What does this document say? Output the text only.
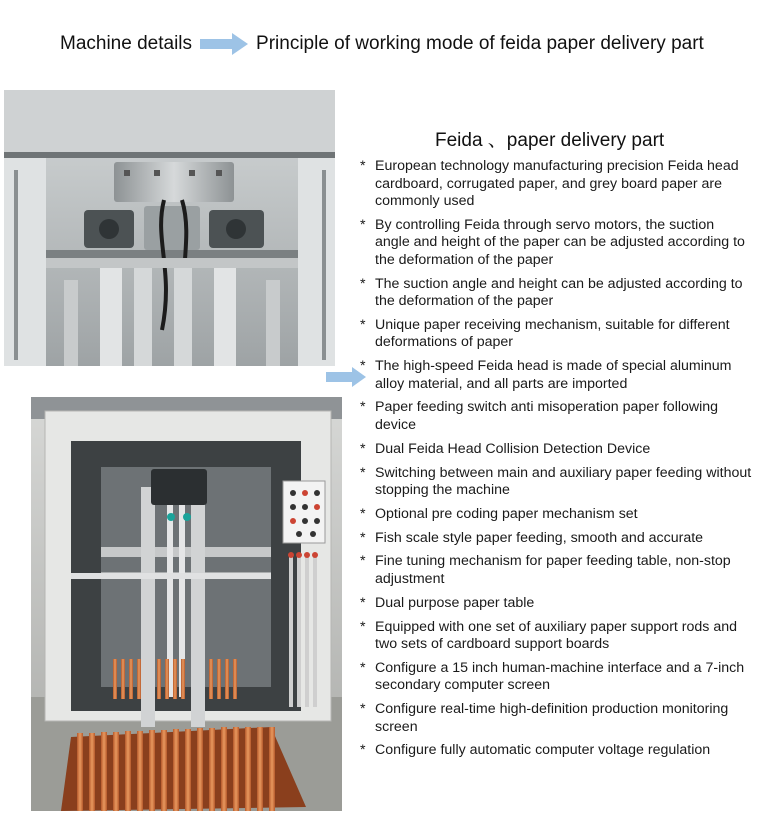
Machine details	Principle of working mode of feida paper delivery part
Feida 、paper delivery part
* European technology manufacturing precision Feida head cardboard, corrugated paper, and grey board paper are commonly used
* By controlling Feida through servo motors, the suction angle and height of the paper can be adjusted according to the deformation of the paper
* The suction angle and height can be adjusted according to the deformation of the paper
* Unique paper receiving mechanism, suitable for different deformations of paper
* The high-speed Feida head is made of special aluminum alloy material, and all parts are imported
* Paper feeding switch anti misoperation paper following device
* Dual Feida Head Collision Detection Device
* Switching between main and auxiliary paper feeding without stopping the machine
* Optional pre coding paper mechanism set
* Fish scale style paper feeding, smooth and accurate
* Fine tuning mechanism for paper feeding table, non-stop adjustment
* Dual purpose paper table
* Equipped with one set of auxiliary paper support rods and two sets of cardboard support boards
* Configure a 15 inch human-machine interface and a 7-inch secondary computer screen
* Configure real-time high-definition production monitoring screen
* Configure fully automatic computer voltage regulation
